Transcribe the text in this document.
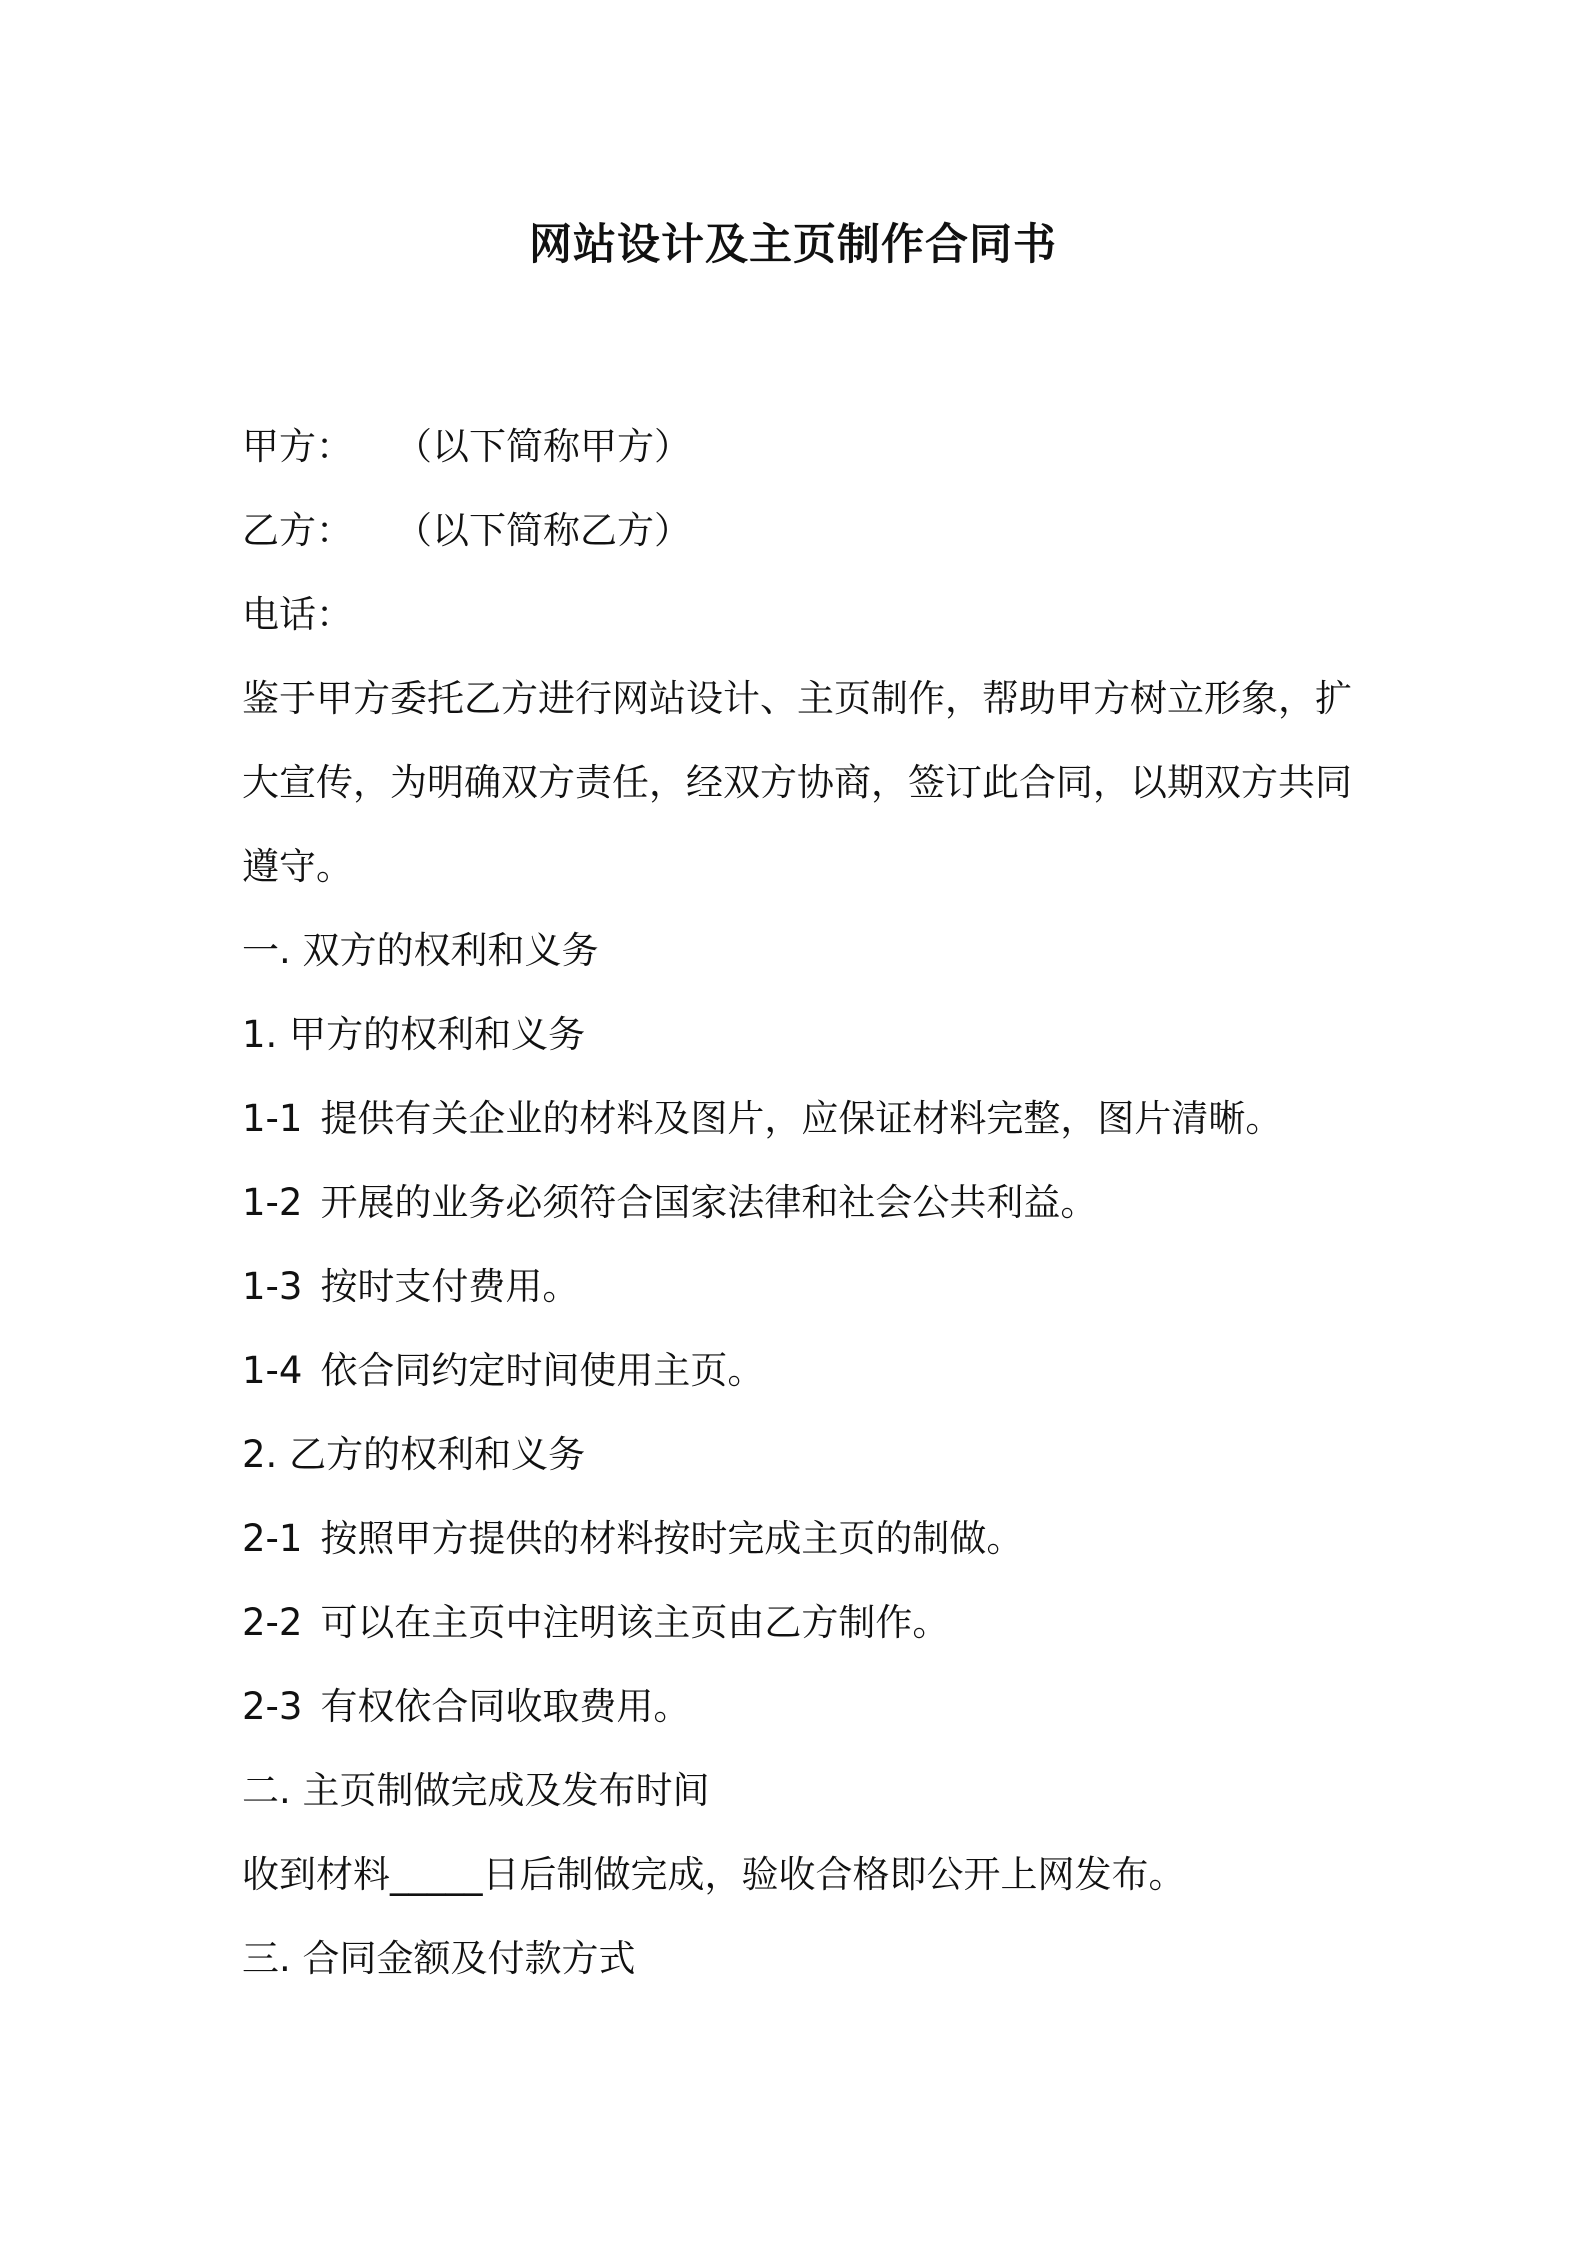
网站设计及主页制作合同书
甲方： （以下简称甲方）
乙方： （以下简称乙方）
电话：
鉴于甲方委托乙方进行网站设计、主页制作，帮助甲方树立形象，扩
大宣传，为明确双方责任，经双方协商，签订此合同，以期双方共同
遵守。
一. 双方的权利和义务
1. 甲方的权利和义务
1-1 提供有关企业的材料及图片，应保证材料完整，图片清晰。
1-2 开展的业务必须符合国家法律和社会公共利益。
1-3 按时支付费用。
1-4 依合同约定时间使用主页。
2. 乙方的权利和义务
2-1 按照甲方提供的材料按时完成主页的制做。
2-2 可以在主页中注明该主页由乙方制作。
2-3 有权依合同收取费用。
二. 主页制做完成及发布时间
收到材料_____日后制做完成，验收合格即公开上网发布。
三. 合同金额及付款方式
